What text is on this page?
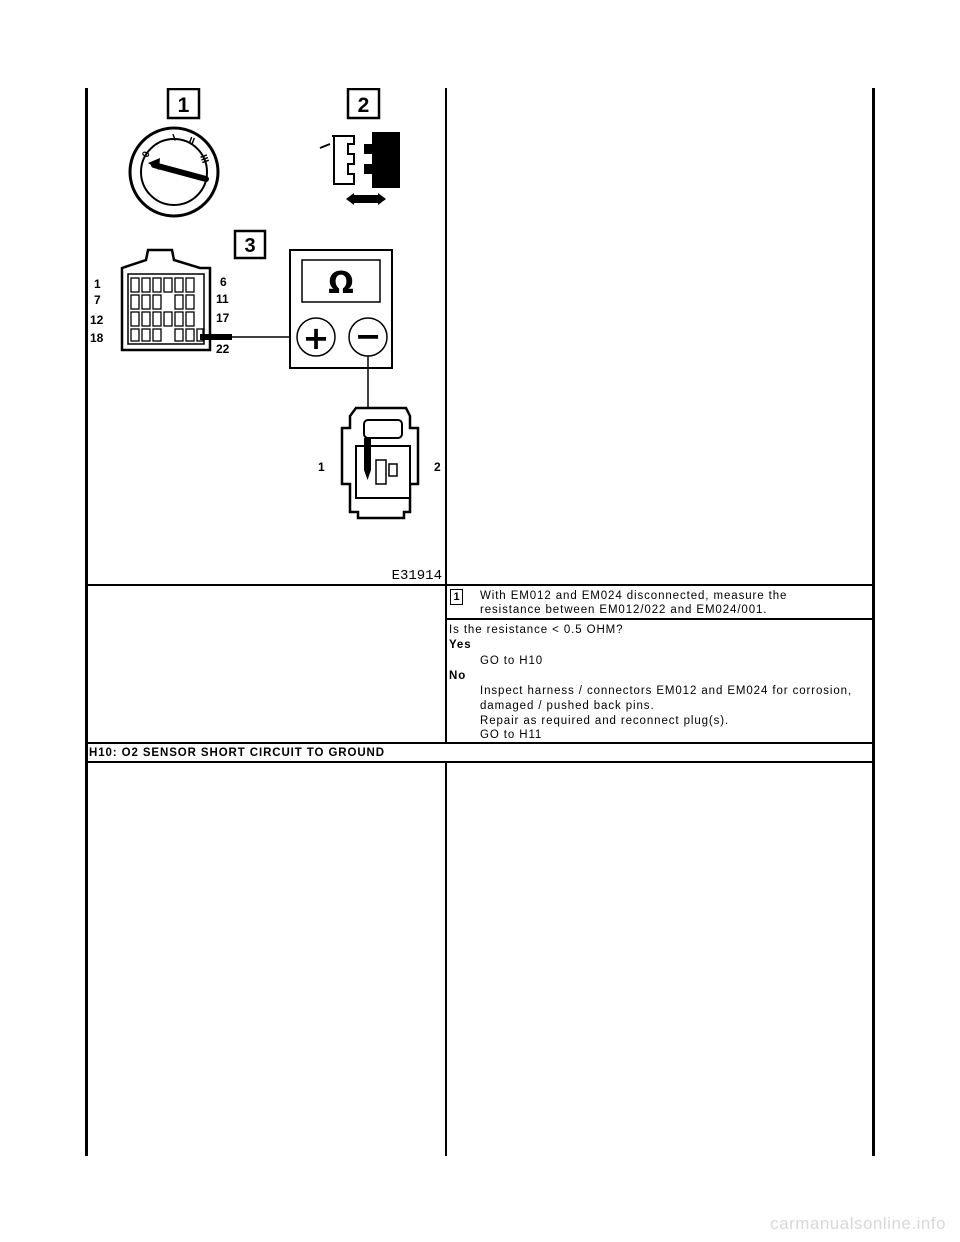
1	2
3
0
I II
III
1
7
12
18
6
11
17
22
Ω
+ −
1	2
E31914
1 With EM012 and EM024 disconnected, measure the
resistance between EM012/022 and EM024/001.
Is the resistance < 0.5 OHM?
Yes
GO to H10
No
Inspect harness / connectors EM012 and EM024 for corrosion,
damaged / pushed back pins.
Repair as required and reconnect plug(s).
GO to H11
H10: O2 SENSOR SHORT CIRCUIT TO GROUND
carmanualsonline.info
